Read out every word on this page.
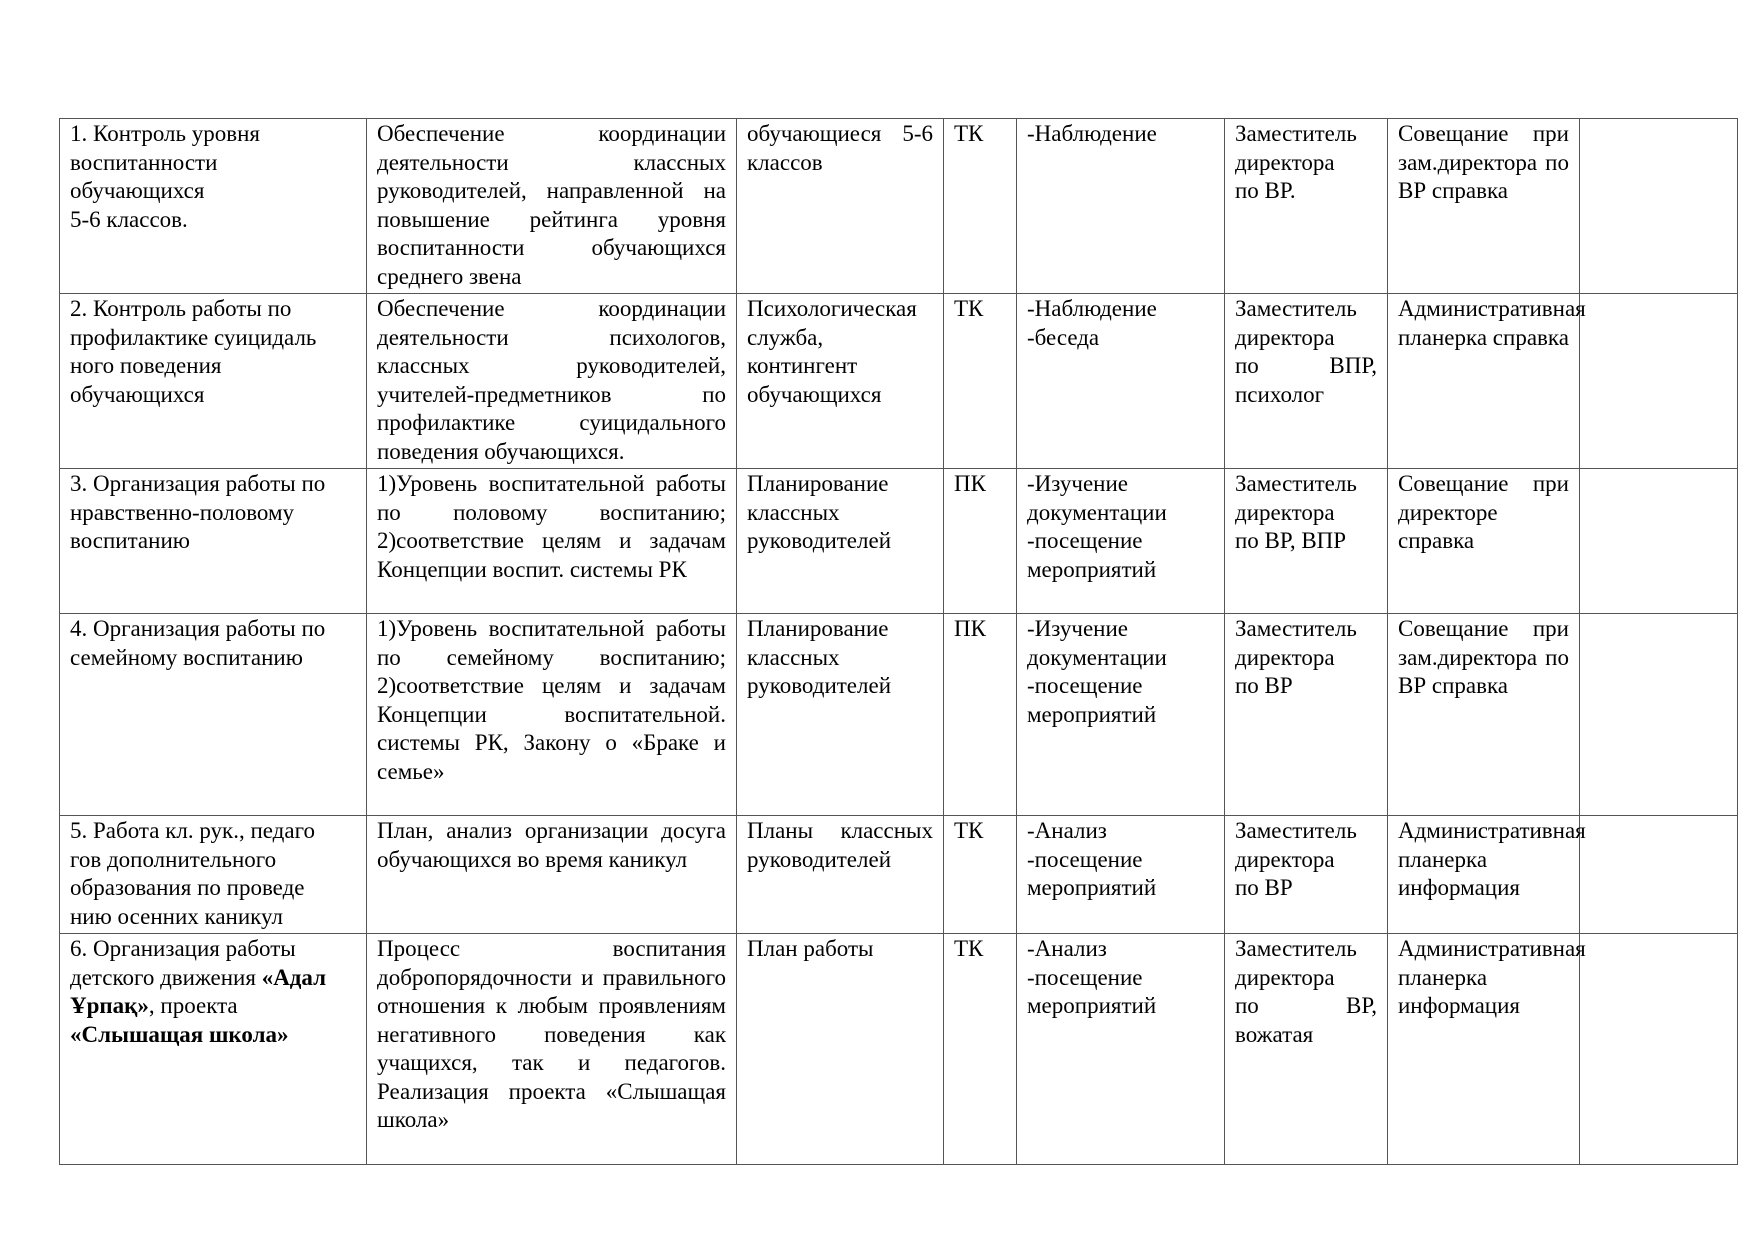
1. Контроль уровня
воспитанности
обучающихся
5-6 классов.	Обеспечение координации деятельности классных руководителей, направленной на повышение рейтинга уровня воспитанности обучающихся среднего звена	обучающиеся 5-6 классов	ТК	-Наблюдение	Заместитель
директора
по ВР.	Совещание при зам.директора по ВР справка	

2. Контроль работы по
профилактике суицидаль
ного поведения
обучающихся	Обеспечение координации деятельности психологов, классных руководителей, учителей-предметников по профилактике суицидального поведения обучающихся.	Психологическая служба, контингент обучающихся	ТК	-Наблюдение
-беседа	Заместитель
директора
по ВПР, психолог	Административная планерка справка	

3. Организация работы по
нравственно-половому
воспитанию	1)Уровень воспитательной работы по половому воспитанию; 2)соответствие целям и задачам Концепции воспит. системы РК	Планирование классных руководителей	ПК	-Изучение
документации
-посещение
мероприятий	Заместитель
директора
по ВР, ВПР	Совещание при директоре справка	

4. Организация работы по
семейному воспитанию	1)Уровень воспитательной работы по семейному воспитанию; 2)соответствие целям и задачам Концепции воспитательной. системы РК, Закону о «Браке и семье»	Планирование классных руководителей	ПК	-Изучение
документации
-посещение
мероприятий	Заместитель
директора
по ВР	Совещание при зам.директора по ВР справка	

5. Работа кл. рук., педаго
гов дополнительного
образования по проведе
нию осенних каникул	План, анализ организации досуга обучающихся во время каникул	Планы классных руководителей	ТК	-Анализ
-посещение
мероприятий	Заместитель
директора
по ВР	Административная планерка информация	
6. Организация работы детского движения «Адал Ұрпақ», проекта «Слышащая школа»	Процесс воспитания добропорядочности и правильного отношения к любым проявлениям негативного поведения как учащихся, так и педагогов. Реализация проекта «Слышащая школа»	План работы	ТК	-Анализ
-посещение
мероприятий	Заместитель
директора
по ВР, вожатая	Административная планерка информация	
